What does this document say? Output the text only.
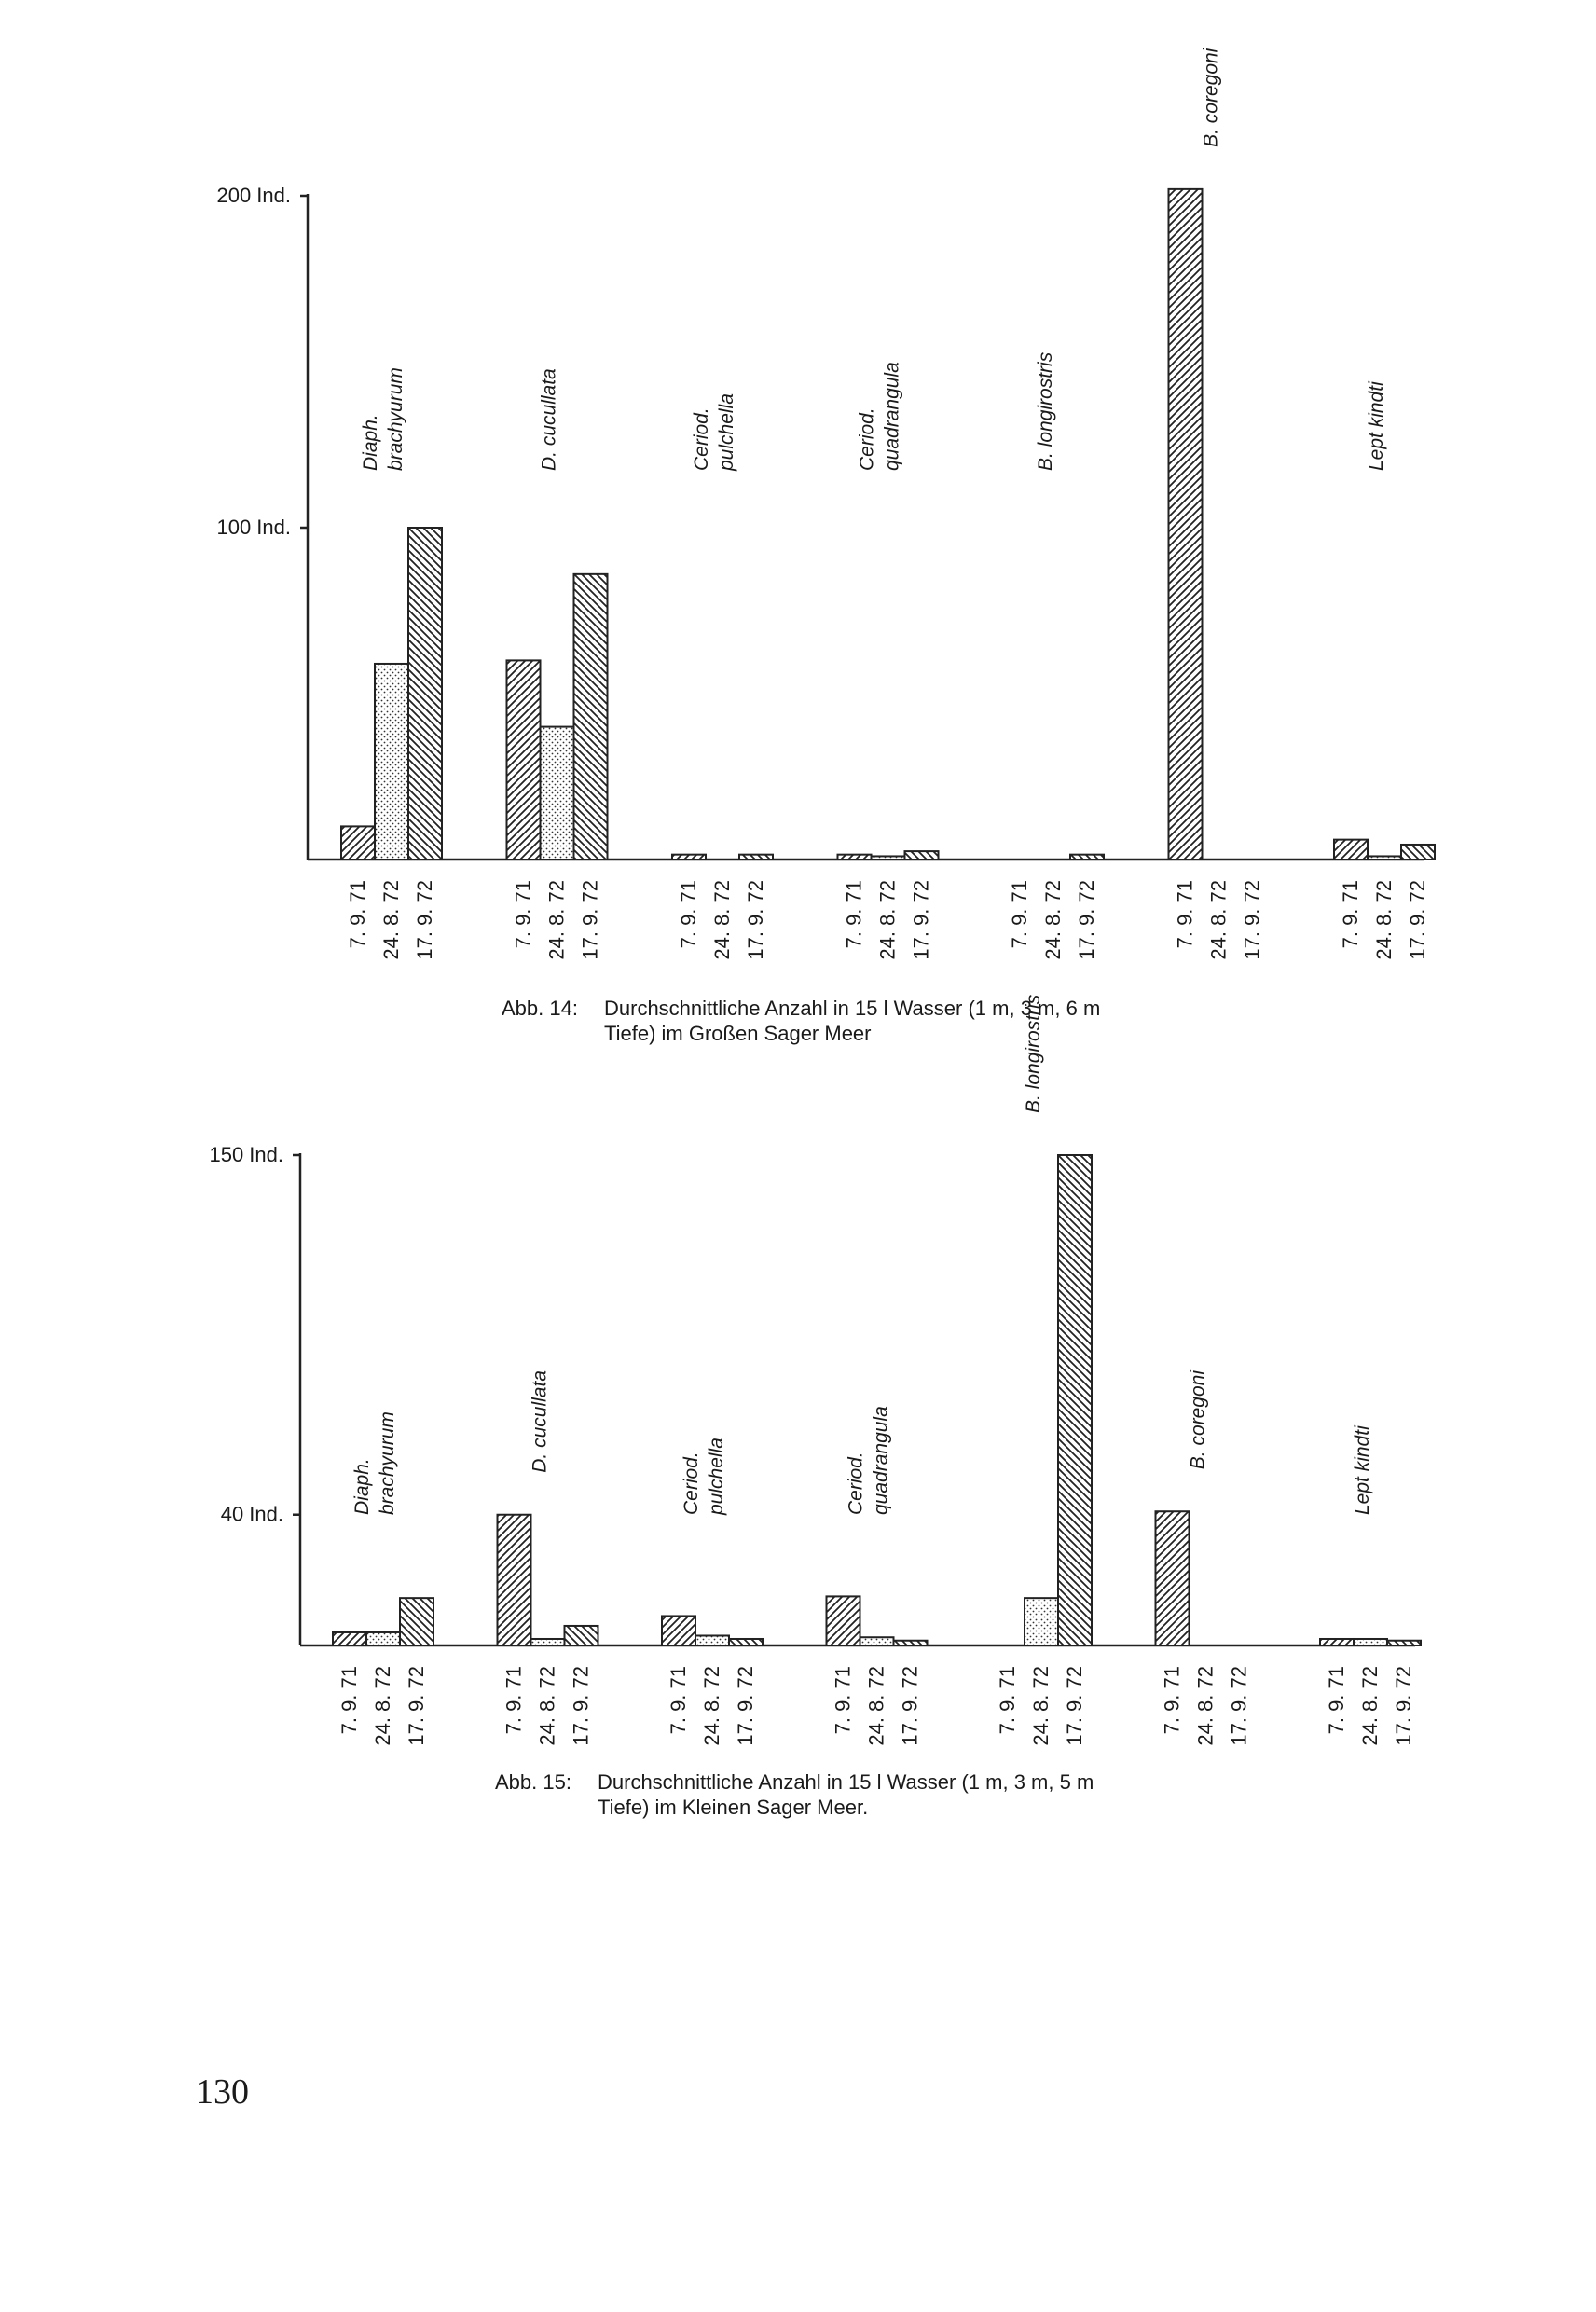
100 Ind.
200 Ind.
Diaph. brachyurum
7. 9. 71 24. 8. 72 17. 9. 72
D. cucullata
7. 9. 71 24. 8. 72 17. 9. 72
Ceriod. pulchella
7. 9. 71 24. 8. 72 17. 9. 72
Ceriod. quadrangula
7. 9. 71 24. 8. 72 17. 9. 72
B. longirostris
7. 9. 71 24. 8. 72 17. 9. 72
B. coregoni
7. 9. 71 24. 8. 72 17. 9. 72
Lept kindti
7. 9. 71 24. 8. 72 17. 9. 72
Abb. 14: Durchschnittliche Anzahl in 15 l Wasser (1 m, 3 m, 6 m
Tiefe) im Großen Sager Meer
40 Ind.
150 Ind.
Diaph. brachyurum
7. 9. 71 24. 8. 72 17. 9. 72
D. cucullata
7. 9. 71 24. 8. 72 17. 9. 72
Ceriod. pulchella
7. 9. 71 24. 8. 72 17. 9. 72
Ceriod. quadrangula
7. 9. 71 24. 8. 72 17. 9. 72
B. longirostris
7. 9. 71 24. 8. 72 17. 9. 72
B. coregoni
7. 9. 71 24. 8. 72 17. 9. 72
Lept kindti
7. 9. 71 24. 8. 72 17. 9. 72
Abb. 15: Durchschnittliche Anzahl in 15 l Wasser (1 m, 3 m, 5 m
Tiefe) im Kleinen Sager Meer.
130
